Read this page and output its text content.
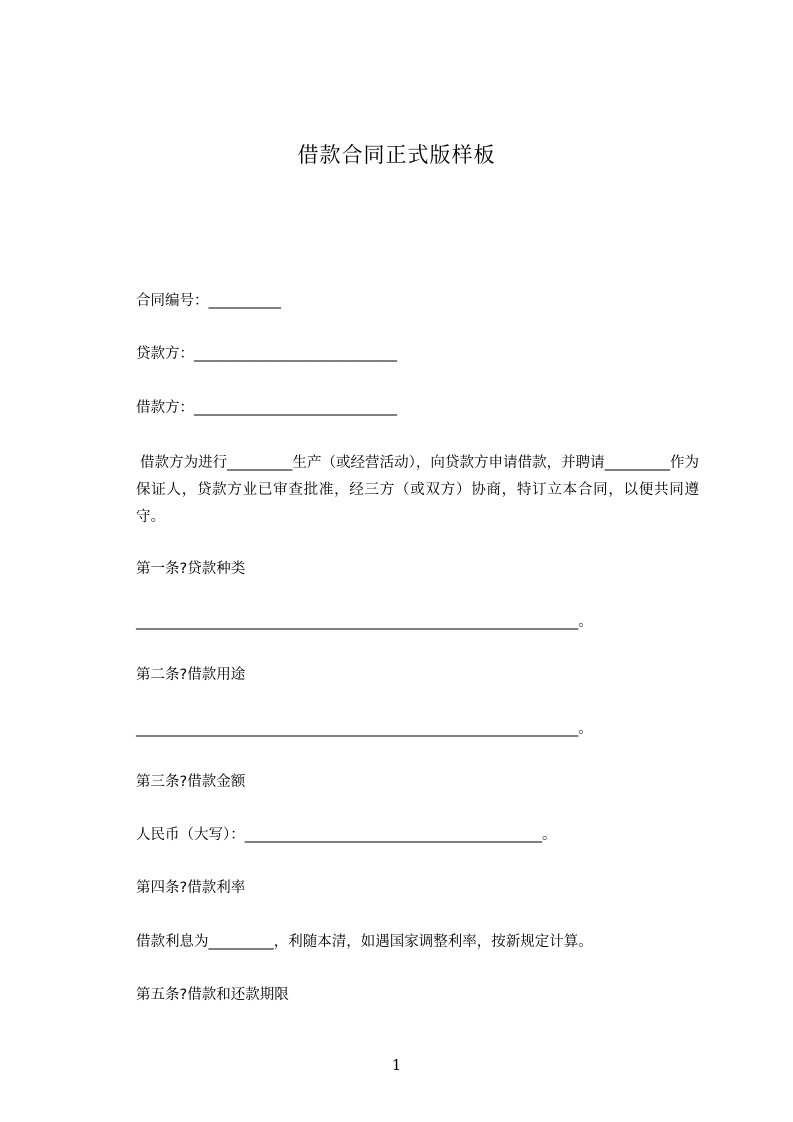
借款合同正式版样板
合同编号：__________
贷款方：____________________________
借款方：____________________________
借款方为进行_________生产（或经营活动），向贷款方申请借款，并聘请_________作为保证人，贷款方业已审查批准，经三方（或双方）协商，特订立本合同，以便共同遵守。
第一条?贷款种类
_____________________________________________________________。
第二条?借款用途
_____________________________________________________________。
第三条?借款金额
人民币（大写）：_________________________________________。
第四条?借款利率
借款利息为_________，利随本清，如遇国家调整利率，按新规定计算。
第五条?借款和还款期限
1
